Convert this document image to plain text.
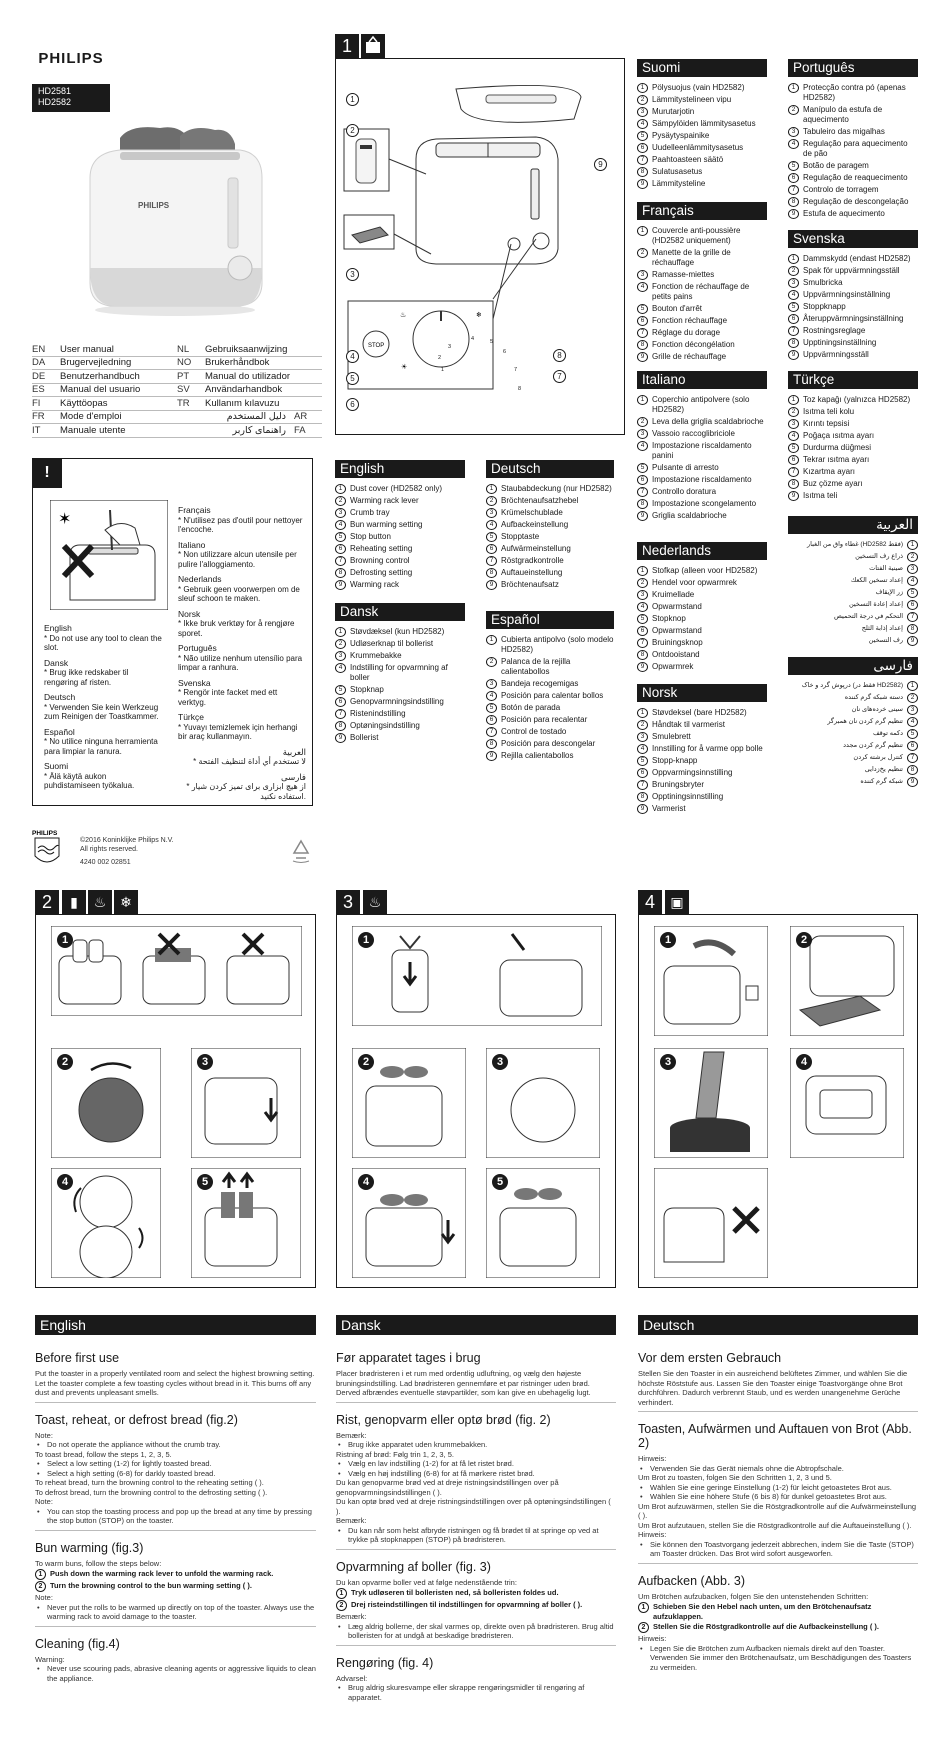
PHILIPS
HD2581
HD2582
PHILIPS
EN	User manual
DA	Brugervejledning
DE	Benutzerhandbuch
ES	Manual del usuario
FI	Käyttöopas
FR	Mode d'emploi
IT	Manuale utente
NL	Gebruiksaanwijzing
NO	Brukerhåndbok
PT	Manual do utilizador
SV	Användarhandbok
TR	Kullanım kılavuzu
دليل المستخدم AR
راهنمای کاربر FA
!
✶
English
* Do not use any tool to clean the slot.
Dansk
* Brug ikke redskaber til rengøring af risten.
Deutsch
* Verwenden Sie kein Werkzeug zum Reinigen der Toastkammer.
Español
* No utilice ninguna herramienta para limpiar la ranura.
Suomi
* Älä käytä aukon puhdistamiseen työkalua.
Français
* N'utilisez pas d'outil pour nettoyer l'encoche.
Italiano
* Non utilizzare alcun utensile per pulire l'alloggiamento.
Nederlands
* Gebruik geen voorwerpen om de sleuf schoon te maken.
Norsk
* Ikke bruk verktøy for å rengjøre sporet.
Português
* Não utilize nenhum utensílio para limpar a ranhura.
Svenska
* Rengör inte facket med ett verktyg.
Türkçe
* Yuvayı temizlemek için herhangi bir araç kullanmayın.
العربية
* لا تستخدم أي أداة لتنظيف الفتحة
فارسی
* از هیچ ابزاری برای تمیز کردن شیار استفاده نکنید.
PHILIPS
©2016 Koninklijke Philips N.V.
All rights reserved.
4240 002 02851
1
STOP
♨	❄
☀	1
2
3
4	5
6
7
8
1
2
3
4
5
6
7
8
9
English
1 Dust cover (HD2582 only)
2 Warming rack lever
3 Crumb tray
4 Bun warming setting
5 Stop button
6 Reheating setting
7 Browning control
8 Defrosting setting
9 Warming rack
Dansk
1 Støvdæksel (kun HD2582)
2 Udløserknap til bollerist
3 Krummebakke
4 Indstilling for opvarmning af boller
5 Stopknap
6 Genopvarmningsindstilling
7 Ristenindstilling
8 Optøningsindstilling
9 Bollerist
Deutsch
1 Staubabdeckung (nur HD2582)
2 Bröchtenaufsatzhebel
3 Krümelschublade
4 Aufbackeinstellung
5 Stopptaste
6 Aufwärmeinstellung
7 Röstgradkontrolle
8 Auftaueinstellung
9 Bröchtenaufsatz
Español
1 Cubierta antipolvo (solo modelo HD2582)
2 Palanca de la rejilla calientabollos
3 Bandeja recogemigas
4 Posición para calentar bollos
5 Botón de parada
6 Posición para recalentar
7 Control de tostado
8 Posición para descongelar
9 Rejilla calientabollos
Suomi
1 Pölysuojus (vain HD2582)
2 Lämmitystelineen vipu
3 Murutarjotin
4 Sämpylöiden lämmitysasetus
5 Pysäytyspainike
6 Uudelleenlämmitysasetus
7 Paahtoasteen säätö
8 Sulatusasetus
9 Lämmitysteline
Français
1 Couvercle anti-poussière (HD2582 uniquement)
2 Manette de la grille de réchauffage
3 Ramasse-miettes
4 Fonction de réchauffage de petits pains
5 Bouton d'arrêt
6 Fonction réchauffage
7 Réglage du dorage
8 Fonction décongélation
9 Grille de réchauffage
Italiano
1 Coperchio antipolvere (solo HD2582)
2 Leva della griglia scaldabrioche
3 Vassoio raccoglibriciole
4 Impostazione riscaldamento panini
5 Pulsante di arresto
6 Impostazione riscaldamento
7 Controllo doratura
8 Impostazione scongelamento
9 Griglia scaldabrioche
Nederlands
1 Stofkap (alleen voor HD2582)
2 Hendel voor opwarmrek
3 Kruimellade
4 Opwarmstand
5 Stopknop
6 Opwarmstand
7 Bruiningsknop
8 Ontdooistand
9 Opwarmrek
Norsk
1 Støvdeksel (bare HD2582)
2 Håndtak til varmerist
3 Smulebrett
4 Innstilling for å varme opp bolle
5 Stopp-knapp
6 Oppvarmingsinnstilling
7 Bruningsbryter
8 Opptiningsinnstilling
9 Varmerist
Português
1 Protecção contra pó (apenas HD2582)
2 Manípulo da estufa de aquecimento
3 Tabuleiro das migalhas
4 Regulação para aquecimento de pão
5 Botão de paragem
6 Regulação de reaquecimento
7 Controlo de torragem
8 Regulação de descongelação
9 Estufa de aquecimento
Svenska
1 Dammskydd (endast HD2582)
2 Spak för uppvärmningsställ
3 Smulbricka
4 Uppvärmningsinställning
5 Stoppknapp
6 Återuppvärmningsinställning
7 Rostningsreglage
8 Upptiningsinställning
9 Uppvärmningsställ
Türkçe
1 Toz kapağı (yalnızca HD2582)
2 Isıtma teli kolu
3 Kırıntı tepsisi
4 Poğaça ısıtma ayarı
5 Durdurma düğmesi
6 Tekrar ısıtma ayarı
7 Kızartma ayarı
8 Buz çözme ayarı
9 Isıtma teli
العربية
1
غطاء واق من الغبار (HD2582 فقط)
2
ذراع رف التسخين
3
صينية الفتات
4
إعداد تسخين الكعك
5
زر الإيقاف
6
إعداد إعادة التسخين
7
التحكم في درجة التحميص
8
إعداد إذابة الثلج
9
رف التسخين
فارسی
1
درپوش گرد و خاک (فقط در HD2582)
2
دسته شبکه گرم کننده
3
سینی خرده‌های نان
4
تنظیم گرم کردن نان همبرگر
5
دکمه توقف
6
تنظیم گرم کردن مجدد
7
کنترل برشته کردن
8
تنظیم یخ‌زدایی
9
شبکه گرم کننده
2	▮	♨ ❄
1
2	3
4	5
3	♨
1
2	3
4	5
4	▣
1	2
3	4
English
Before first use
Put the toaster in a properly ventilated room and select the highest browning setting. Let the toaster complete a few toasting cycles without bread in it. This burns off any dust and prevents unpleasant smells.
Toast, reheat, or defrost bread (fig.2)
Note:
• Do not operate the appliance without the crumb tray.
To toast bread, follow the steps 1, 2, 3, 5.
• Select a low setting (1-2) for lightly toasted bread.
• Select a high setting (6-8) for darkly toasted bread.
To reheat bread, turn the browning control to the reheating setting ( ).
To defrost bread, turn the browning control to the defrosting setting ( ).
Note:
• You can stop the toasting process and pop up the bread at any time by pressing the stop button (STOP) on the toaster.
Bun warming (fig.3)
To warm buns, follow the steps below:
1	Push down the warming rack lever to unfold the warming rack.
2	Turn the browning control to the bun warming setting ( ).
Note:
• Never put the rolls to be warmed up directly on top of the toaster. Always use the warming rack to avoid damage to the toaster.
Cleaning (fig.4)
Warning:
• Never use scouring pads, abrasive cleaning agents or aggressive liquids to clean the appliance.
Dansk
Før apparatet tages i brug
Placer brødristeren i et rum med ordentlig udluftning, og vælg den højeste bruningsindstilling. Lad brødristeren gennemføre et par ristninger uden brød. Derved afbrændes eventuelle støvpartikler, som kan give en ubehagelig lugt.
Rist, genopvarm eller optø brød (fig. 2)
Bemærk:
• Brug ikke apparatet uden krummebakken.
Ristning af brød: Følg trin 1, 2, 3, 5.
• Vælg en lav indstilling (1-2) for at få let ristet brød.
• Vælg en høj indstilling (6-8) for at få mørkere ristet brød.
Du kan genopvarme brød ved at dreje ristningsindstillingen over på genopvarmningsindstillingen ( ).
Du kan optø brød ved at dreje ristningsindstillingen over på optøningsindstillingen ( ).
Bemærk:
• Du kan når som helst afbryde ristningen og få brødet til at springe op ved at trykke på stopknappen (STOP) på brødristeren.
Opvarmning af boller (fig. 3)
Du kan opvarme boller ved at følge nedenstående trin:
1	Tryk udløseren til bolleristen ned, så bolleristen foldes ud.
2	Drej risteindstillingen til indstillingen for opvarmning af boller ( ).
Bemærk:
• Læg aldrig bollerne, der skal varmes op, direkte oven på brødristeren. Brug altid bolleristen for at undgå at beskadige brødristeren.
Rengøring (fig. 4)
Advarsel:
• Brug aldrig skuresvampe eller skrappe rengøringsmidler til rengøring af apparatet.
Deutsch
Vor dem ersten Gebrauch
Stellen Sie den Toaster in ein ausreichend belüftetes Zimmer, und wählen Sie die höchste Röststufe aus. Lassen Sie den Toaster einige Toastvorgänge ohne Brot durchführen. Dadurch verbrennt Staub, und es werden unangenehme Gerüche verhindert.
Toasten, Aufwärmen und Auftauen von Brot (Abb. 2)
Hinweis:
• Verwenden Sie das Gerät niemals ohne die Abtropfschale.
Um Brot zu toasten, folgen Sie den Schritten 1, 2, 3 und 5.
• Wählen Sie eine geringe Einstellung (1-2) für leicht getoastetes Brot aus.
• Wählen Sie eine höhere Stufe (6 bis 8) für dunkel getoastetes Brot aus.
Um Brot aufzuwärmen, stellen Sie die Röstgradkontrolle auf die Aufwärmeinstellung ( ).
Um Brot aufzutauen, stellen Sie die Röstgradkontrolle auf die Auftaueinstellung ( ).
Hinweis:
• Sie können den Toastvorgang jederzeit abbrechen, indem Sie die Taste (STOP) am Toaster drücken. Das Brot wird sofort ausgeworfen.
Aufbacken (Abb. 3)
Um Brötchen aufzubacken, folgen Sie den untenstehenden Schritten:
1	Schieben Sie den Hebel nach unten, um den Brötchenaufsatz aufzuklappen.
2	Stellen Sie die Röstgradkontrolle auf die Aufbackeinstellung ( ).
Hinweis:
• Legen Sie die Brötchen zum Aufbacken niemals direkt auf den Toaster. Verwenden Sie immer den Brötchenaufsatz, um Beschädigungen des Toasters zu vermeiden.
